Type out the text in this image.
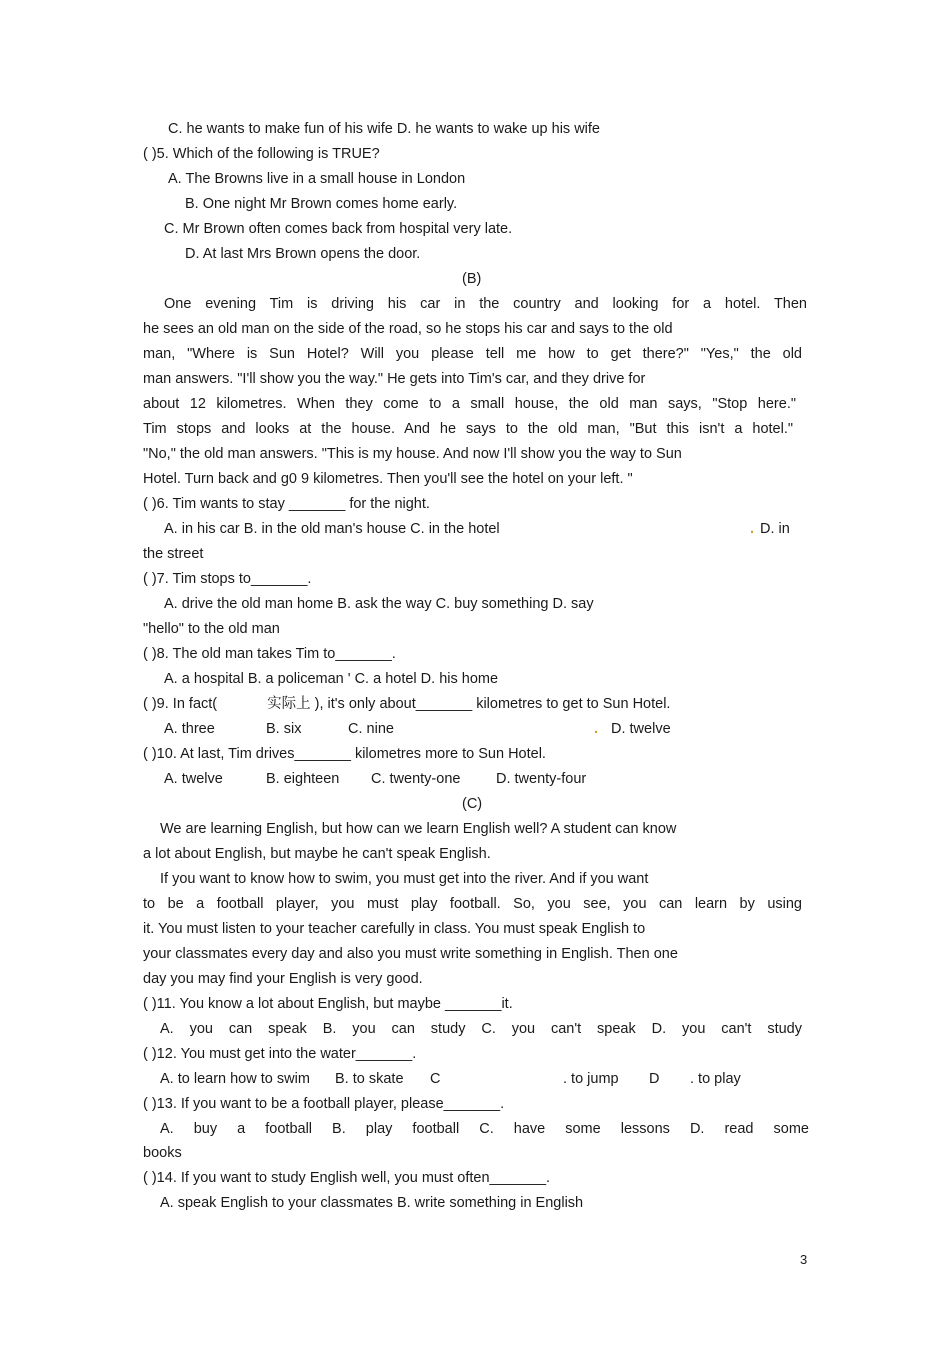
C. he wants to make fun of his wife D. he wants to wake up his wife
( )5. Which of the following is TRUE?
A. The Browns live in a small house in London
B. One night Mr Brown comes home early.
C. Mr Brown often comes back from hospital very late.
D. At last Mrs Brown opens the door.
(B)
One evening Tim is driving his car in the country and looking for a hotel. Then
he sees an old man on the side of the road, so he stops his car and says to the old
man, "Where is Sun Hotel? Will you please tell me how to get there?" "Yes," the old
man answers. "I'll show you the way." He gets into Tim's car, and they drive for
about 12 kilometres. When they come to a small house, the old man says, "Stop here."
Tim stops and looks at the house. And he says to the old man, "But this isn't a hotel."
"No," the old man answers. "This is my house. And now I'll show you the way to Sun
Hotel. Turn back and g0 9 kilometres. Then you'll see the hotel on your left. "
( )6. Tim wants to stay _______ for the night.
A. in his car B. in the old man's house C. in the hotel	. D. in
the street
( )7. Tim stops to_______.
A. drive the old man home B. ask the way C. buy something D. say
"hello" to the old man
( )8. The old man takes Tim to_______.
A. a hospital B. a policeman ' C. a hotel D. his home
( )9. In fact(	实际上 ), it's only about_______ kilometres to get to Sun Hotel.
A. three	B. six	C. nine	. D. twelve
( )10. At last, Tim drives_______ kilometres more to Sun Hotel.
A. twelve	B. eighteen C. twenty-one D. twenty-four
(C)
We are learning English, but how can we learn English well? A student can know
a lot about English, but maybe he can't speak English.
If you want to know how to swim, you must get into the river. And if you want
to be a football player, you must play football. So, you see, you can learn by using
it. You must listen to your teacher carefully in class. You must speak English to
your classmates every day and also you must write something in English. Then one
day you may find your English is very good.
( )11. You know a lot about English, but maybe _______it.
A. you can speak B. you can study C. you can't speak D. you can't study
( )12. You must get into the water_______.
A. to learn how to swim B. to skate C	. to jump D . to play
( )13. If you want to be a football player, please_______.
A. buy a football B. play football C. have some lessons D. read some
books
( )14. If you want to study English well, you must often_______.
A. speak English to your classmates B. write something in English
3
